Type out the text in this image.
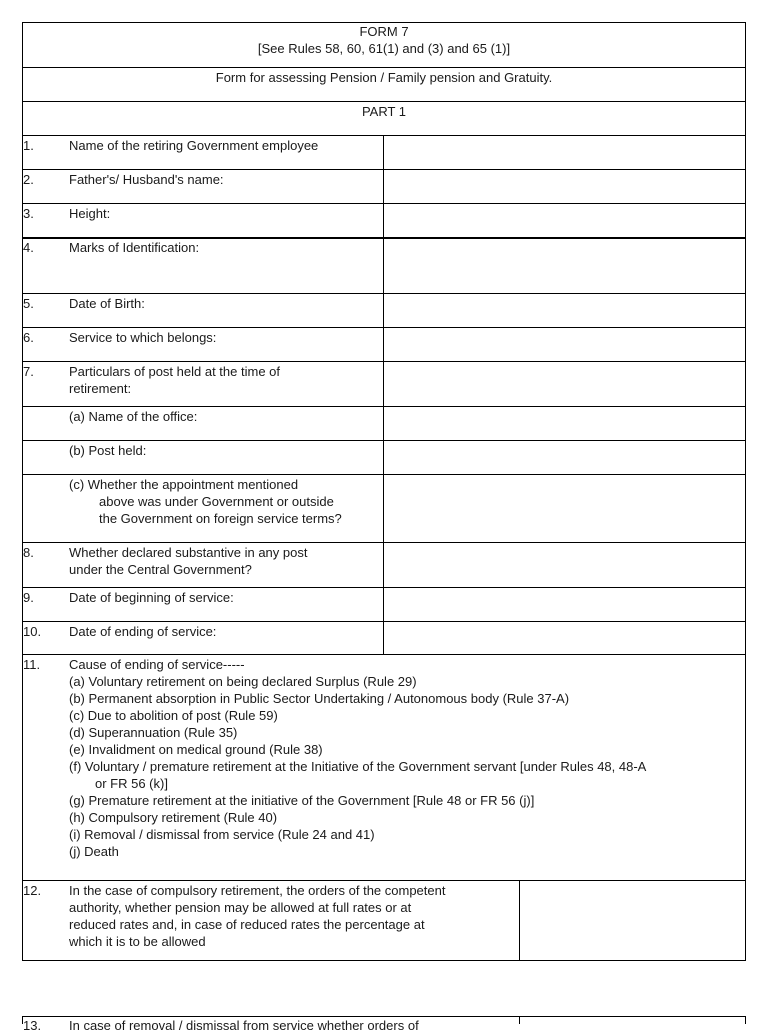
FORM 7
[See Rules 58, 60, 61(1) and (3) and 65 (1)]
Form for assessing Pension / Family pension and Gratuity.
PART 1
1.	Name of the retiring Government employee
2.	Father's/ Husband's name:
3.	Height:
4.	Marks of Identification:
5.	Date of Birth:
6.	Service to which belongs:
7.	Particulars of post held at the time of
retirement:
(a) Name of the office:
(b) Post held:
(c) Whether the appointment mentioned
above was under Government or outside
the Government on foreign service terms?
8.	Whether declared substantive in any post
under the Central Government?
9.	Date of beginning of service:
10. Date of ending of service:
11. Cause of ending of service-----
(a) Voluntary retirement on being declared Surplus (Rule 29)
(b) Permanent absorption in Public Sector Undertaking / Autonomous body (Rule 37-A)
(c) Due to abolition of post (Rule 59)
(d) Superannuation (Rule 35)
(e) Invalidment on medical ground (Rule 38)
(f) Voluntary / premature retirement at the Initiative of the Government servant [under Rules 48, 48-A
or FR 56 (k)]
(g) Premature retirement at the initiative of the Government [Rule 48 or FR 56 (j)]
(h) Compulsory retirement (Rule 40)
(i) Removal / dismissal from service (Rule 24 and 41)
(j) Death
12. In the case of compulsory retirement, the orders of the competent
authority, whether pension may be allowed at full rates or at
reduced rates and, in case of reduced rates the percentage at
which it is to be allowed
13. In case of removal / dismissal from service whether orders of
